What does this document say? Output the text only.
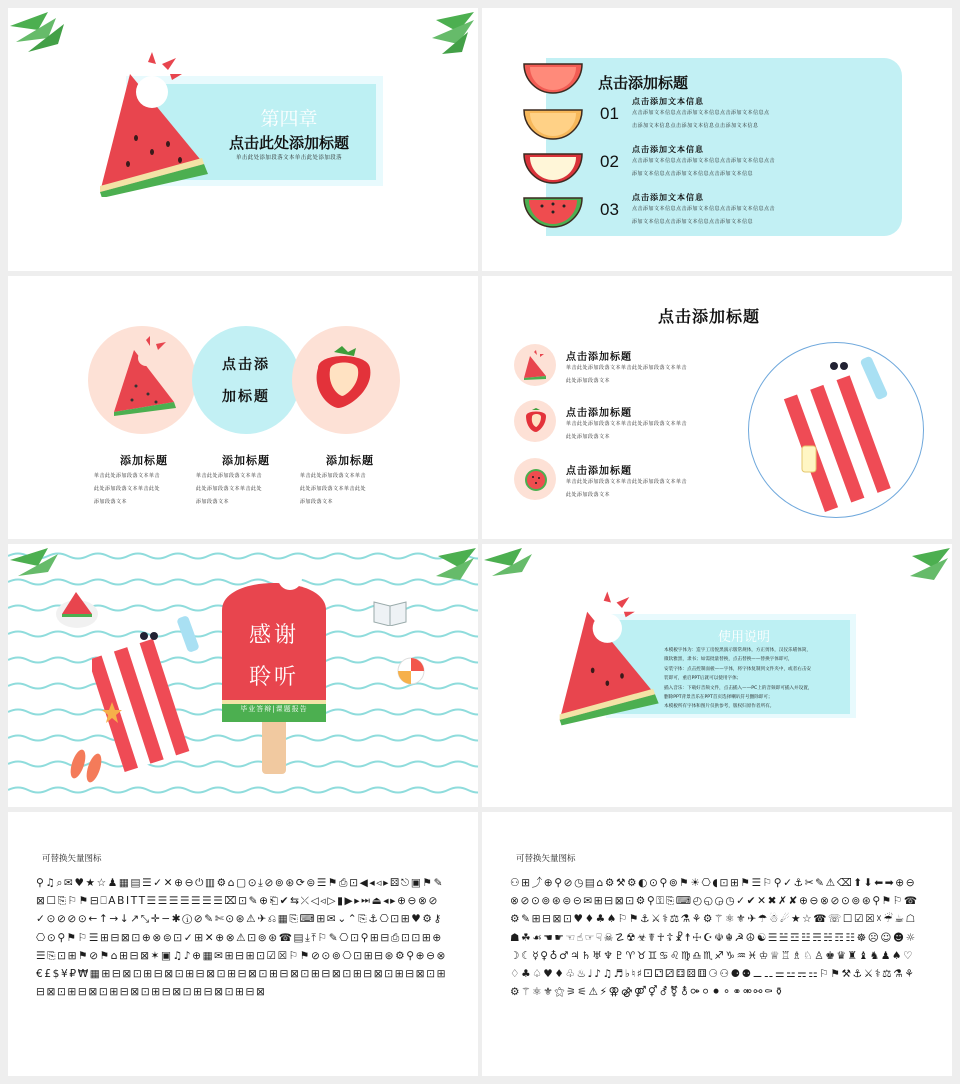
第四章
点击此处添加标题
单击此处添加段落文本单击此处添加段落
点击添加标题
01
点击添加文本信息
点击添加文本信息点击添加文本信息点击添加文本信息点
击添加文本信息点击添加文本信息点击添加文本信息
02
点击添加文本信息
点击添加文本信息点击添加文本信息点击添加文本信息点击
添加文本信息点击添加文本信息点击添加文本信息
03
点击添加文本信息
点击添加文本信息点击添加文本信息点击添加文本信息点击
添加文本信息点击添加文本信息点击添加文本信息
点击添
加标题
添加标题
单击此处添加段落文本单击
此处添加段落文本单击此处
添加段落文本
添加标题
单击此处添加段落文本单击
此处添加段落文本单击此处
添加段落文本
添加标题
单击此处添加段落文本单击
此处添加段落文本单击此处
添加段落文本
点击添加标题
点击添加标题
单击此处添加段落文本单击此处添加段落文本单击
此处添加段落文本
点击添加标题
单击此处添加段落文本单击此处添加段落文本单击
此处添加段落文本
点击添加标题
单击此处添加段落文本单击此处添加段落文本单击
此处添加段落文本
感谢
聆听
毕业答辩|课题报告
使用说明
本模板字体为：造字工房悦黑演示版常规体，方正剪体，汉仪乐喵体简，
微软雅黑，隶书；如需批量替换，点击替换——替换字体即可，
安装字体：点击控制面板——字体，将字体复制到文件夹中，或者右击安
装即可，重启PPT后就可以使用字体；
插入音乐：下载好音频文件，点击插入——PC上的音频即可插入并设置，
删除PPT背景音乐在PPT首页选择喇叭符号删除即可；
本模板所有字体和图片仅供参考，版权归原作者所有。
可替换矢量图标
⚲♫⌕✉♥★☆♟▦▤☰✓✕⊕⊖⏻▥⚙⌂▢⊙⤓⊘⊚⊛⟳⊜☰⚑⎙⊡◀◂◃▸⚄⎋▣⚑✎⊠☐⎘⚐⚑⊟⎕ABITT☰☰☰☰☰☰☰⌧⊡✎⊕⎗✔⇆⤫◁◃▷▮▶▸⏭⏏◂▸⊕⊖⊗⊘✓⊙⊘⊘⊙←↑→↓↗⤡✛−✱ⓘ⊘✎✄⊙⊛⚠✈⎌▦⎘⌨⊞✉⌄⌃⎘⚓⎔⊡⊞♥⚙⚷⎔⊙⚲⚑⚐☰⊞⊟⊠⊡⊕⊗⊜⊡✓⊞✕⊕⊗⚠⊡⊚⊛☎▤⤓⤒⚐✎⎔⊡⚲⊞⊟⎙⊡⊡⊞⊕☰⎘⊡⊞⚑⊘⚑⌂⊞⊟⊠✶▣♫♪⊕▦✉⊞⊟⊞⊡☑☒⚐⚑⊘⊙⊚⎔⊡⊞⊟⊛⚙⚲⊕⊖⊗€£$¥₽₩▦⊞⊟⊠⊡⊞⊟⊠⊡⊞⊟⊠⊡⊞⊟⊠⊡⊞⊟⊠⊡⊞⊟⊠⊡⊞⊟⊠⊡⊞⊟⊠⊡⊞⊟⊠⊡⊞⊟⊠⊡⊞⊟⊠⊡⊞⊟⊠⊡⊞⊟⊠⊡⊞⊟⊠
可替换矢量图标
⚇⊞⤴⊕⚲⊘◷▤⌂⚙⚒⚙◐⊙⚲⊚⚑☀⎔◖⊡⊞⚑☰⚐⚲✓⚓✂✎⚠⌫⬆⬇⬅➡⊕⊖⊗⊘⊙⊚⊛⊜⊝✉⊞⊟⊠⊡⚙⚲⚿⎘⌨◴◵◶◷✓✔✕✖✗✘⊕⊖⊗⊘⊙⊚⊛⚲⚑⚐☎⚙✎⊞⊟⊠⊡♥♦♣♠⚐⚑⚓⚔⚕⚖⚗⚘⚙⚚⚛⚜✈☂☃☄★☆☎☏☐☑☒☓☔☕☖☗☘☙☚☛☜☝☞☟☠☡☢☣☤☥☦☧☨☩☪☫☬☭☮☯☰☱☲☳☴☵☶☷☸☹☺☻☼☽☾☿♀♁♂♃♄♅♆♇♈♉♊♋♌♍♎♏♐♑♒♓♔♕♖♗♘♙♚♛♜♝♞♟♠♡♢♣♤♥♦♧♨♩♪♫♬♭♮♯⚀⚁⚂⚃⚄⚅⚆⚇⚈⚉⚊⚋⚌⚍⚎⚏⚐⚑⚒⚓⚔⚕⚖⚗⚘⚙⚚⚛⚜⚝⚞⚟⚠⚡⚢⚣⚤⚥⚦⚧⚨⚩⚪⚫⚬⚭⚮⚯⚰⚱
